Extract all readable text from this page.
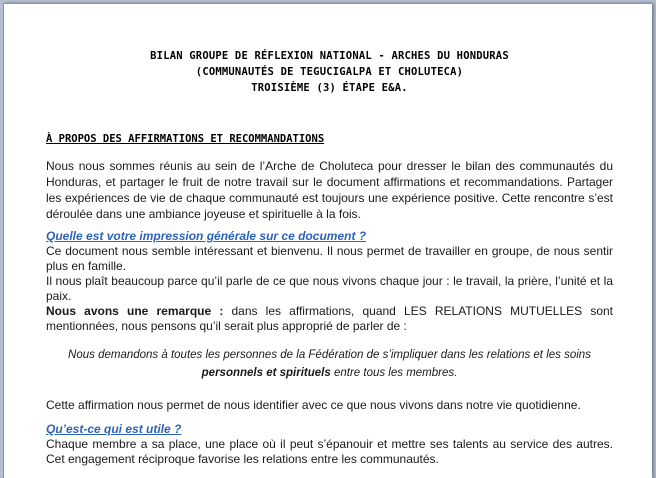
BILAN GROUPE DE RÉFLEXION NATIONAL - ARCHES DU HONDURAS
(COMMUNAUTÉS DE TEGUCIGALPA ET CHOLUTECA)
TROISIÈME (3) ÉTAPE E&A.
À PROPOS DES AFFIRMATIONS ET RECOMMANDATIONS
Nous nous sommes réunis au sein de l’Arche de Choluteca pour dresser le bilan des communautés du Honduras, et partager le fruit de notre travail sur le document affirmations et recommandations. Partager les expériences de vie de chaque communauté est toujours une expérience positive. Cette rencontre s’est déroulée dans une ambiance joyeuse et spirituelle à la fois.
Quelle est votre impression générale sur ce document ?
Ce document nous semble intéressant et bienvenu. Il nous permet de travailler en groupe, de nous sentir plus en famille.
Il nous plaît beaucoup parce qu’il parle de ce que nous vivons chaque jour : le travail, la prière, l’unité et la paix.
Nous avons une remarque : dans les affirmations, quand LES RELATIONS MUTUELLES sont mentionnées, nous pensons qu’il serait plus approprié de parler de :
Nous demandons à toutes les personnes de la Fédération de s’impliquer dans les relations et les soins
personnels et spirituels entre tous les membres.
Cette affirmation nous permet de nous identifier avec ce que nous vivons dans notre vie quotidienne.
Qu’est-ce qui est utile ?
Chaque membre a sa place, une place où il peut s’épanouir et mettre ses talents au service des autres. Cet engagement réciproque favorise les relations entre les communautés.
